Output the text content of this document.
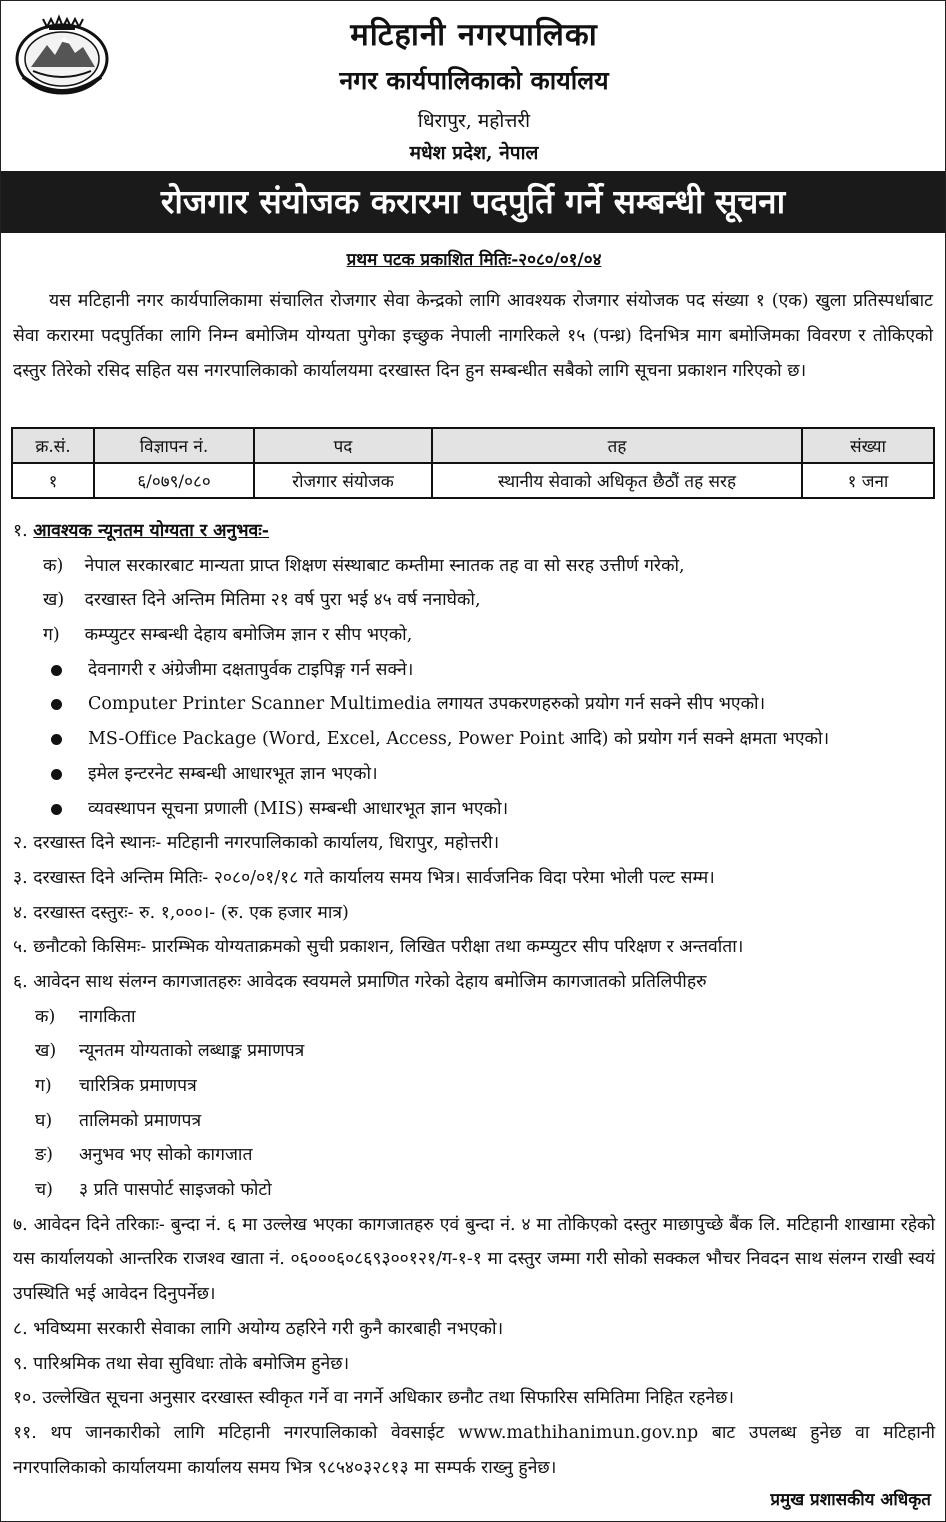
मटिहानी नगरपालिका
नगर कार्यपालिकाको कार्यालय
धिरापुर, महोत्तरी
मधेश प्रदेश, नेपाल
रोजगार संयोजक करारमा पदपुर्ति गर्ने सम्बन्धी सूचना
प्रथम पटक प्रकाशित मितिः-२०८०/०१/०४
यस मटिहानी नगर कार्यपालिकामा संचालित रोजगार सेवा केन्द्रको लागि आवश्यक रोजगार संयोजक पद संख्या १ (एक) खुला प्रतिस्पर्धाबाट सेवा करारमा पदपुर्तिका लागि निम्न बमोजिम योग्यता पुगेका इच्छुक नेपाली नागरिकले १५ (पन्ध्र) दिनभित्र माग बमोजिमका विवरण र तोकिएको दस्तुर तिरेको रसिद सहित यस नगरपालिकाको कार्यालयमा दरखास्त दिन हुन सम्बन्धीत सबैको लागि सूचना प्रकाशन गरिएको छ।
क्र.सं.	विज्ञापन नं.	पद	तह	संख्या
१	६/०७९/०८०	रोजगार संयोजक	स्थानीय सेवाको अधिकृत छैठौं तह सरह	१ जना
१. आवश्यक न्यूनतम योग्यता र अनुभवः-
क) नेपाल सरकारबाट मान्यता प्राप्त शिक्षण संस्थाबाट कम्तीमा स्नातक तह वा सो सरह उत्तीर्ण गरेको,
ख) दरखास्त दिने अन्तिम मितिमा २१ वर्ष पुरा भई ४५ वर्ष ननाघेको,
ग) कम्प्युटर सम्बन्धी देहाय बमोजिम ज्ञान र सीप भएको,
देवनागरी र अंग्रेजीमा दक्षतापुर्वक टाइपिङ्ग गर्न सक्ने।
Computer Printer Scanner Multimedia लगायत उपकरणहरुको प्रयोग गर्न सक्ने सीप भएको।
MS-Office Package (Word, Excel, Access, Power Point आदि) को प्रयोग गर्न सक्ने क्षमता भएको।
इमेल इन्टरनेट सम्बन्धी आधारभूत ज्ञान भएको।
व्यवस्थापन सूचना प्रणाली (MIS) सम्बन्धी आधारभूत ज्ञान भएको।
२. दरखास्त दिने स्थानः- मटिहानी नगरपालिकाको कार्यालय, धिरापुर, महोत्तरी।
३. दरखास्त दिने अन्तिम मितिः- २०८०/०१/१८ गते कार्यालय समय भित्र। सार्वजनिक विदा परेमा भोली पल्ट सम्म।
४. दरखास्त दस्तुरः- रु. १,०००।- (रु. एक हजार मात्र)
५. छनौटको किसिमः- प्रारम्भिक योग्यताक्रमको सुची प्रकाशन, लिखित परीक्षा तथा कम्प्युटर सीप परिक्षण र अन्तर्वाता।
६. आवेदन साथ संलग्न कागजातहरुः आवेदक स्वयमले प्रमाणित गरेको देहाय बमोजिम कागजातको प्रतिलिपीहरु
क) नागकिता
ख) न्यूनतम योग्यताको लब्धाङ्क प्रमाणपत्र
ग) चारित्रिक प्रमाणपत्र
घ) तालिमको प्रमाणपत्र
ङ) अनुभव भए सोको कागजात
च) ३ प्रति पासपोर्ट साइजको फोटो
७. आवेदन दिने तरिकाः- बुन्दा नं. ६ मा उल्लेख भएका कागजातहरु एवं बुन्दा नं. ४ मा तोकिएको दस्तुर माछापुच्छे बैंक लि. मटिहानी शाखामा रहेको यस कार्यालयको आन्तरिक राजश्व खाता नं. ०६०००६०८६९३००१२१/ग-१-१ मा दस्तुर जम्मा गरी सोको सक्कल भौचर निवदन साथ संलग्न राखी स्वयं उपस्थिति भई आवेदन दिनुपर्नेछ।
८. भविष्यमा सरकारी सेवाका लागि अयोग्य ठहरिने गरी कुनै कारबाही नभएको।
९. पारिश्रमिक तथा सेवा सुविधाः तोके बमोजिम हुनेछ।
१०. उल्लेखित सूचना अनुसार दरखास्त स्वीकृत गर्ने वा नगर्ने अधिकार छनौट तथा सिफारिस समितिमा निहित रहनेछ।
११. थप जानकारीको लागि मटिहानी नगरपालिकाको वेवसाईट www.mathihanimun.gov.np बाट उपलब्ध हुनेछ वा मटिहानी नगरपालिकाको कार्यालयमा कार्यालय समय भित्र ९८५४०३२८१३ मा सम्पर्क राख्नु हुनेछ।
प्रमुख प्रशासकीय अधिकृत
